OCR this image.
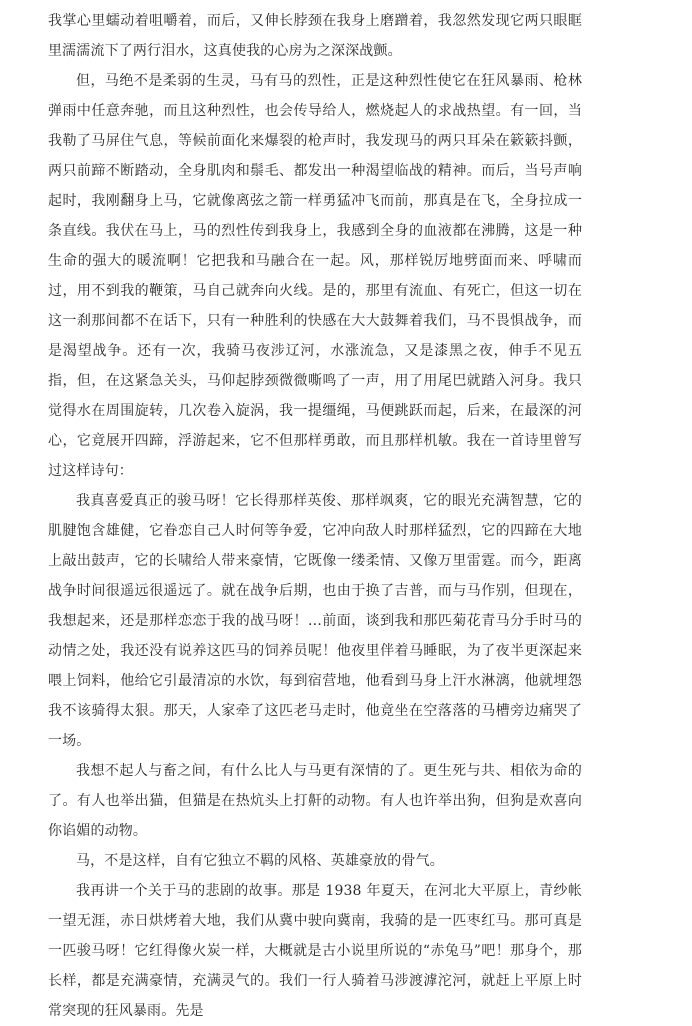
我掌心里蠕动着咀嚼着，而后，又伸长脖颈在我身上磨蹭着，我忽然发现它两只眼眶里濡濡流下了两行泪水，这真使我的心房为之深深战颤。

但，马绝不是柔弱的生灵，马有马的烈性，正是这种烈性使它在狂风暴雨、枪林弹雨中任意奔驰，而且这种烈性，也会传导给人，燃烧起人的求战热望。有一回，当我勒了马屏住气息，等候前面化来爆裂的枪声时，我发现马的两只耳朵在簌簌抖颤，两只前蹄不断踏动，全身肌肉和鬃毛、都发出一种渴望临战的精神。而后，当号声响起时，我刚翻身上马，它就像离弦之箭一样勇猛冲飞而前，那真是在飞，全身拉成一条直线。我伏在马上，马的烈性传到我身上，我感到全身的血液都在沸腾，这是一种生命的强大的暖流啊！它把我和马融合在一起。风，那样锐厉地劈面而来、呼啸而过，用不到我的鞭策，马自己就奔向火线。是的，那里有流血、有死亡，但这一切在这一刹那间都不在话下，只有一种胜利的快感在大大鼓舞着我们，马不畏惧战争，而是渴望战争。还有一次，我骑马夜涉辽河，水涨流急，又是漆黑之夜，伸手不见五指，但，在这紧急关头，马仰起脖颈微微嘶鸣了一声，用了用尾巴就踏入河身。我只觉得水在周围旋转，几次卷入旋涡，我一提缰绳，马便跳跃而起，后来，在最深的河心，它竟展开四蹄，浮游起来，它不但那样勇敢，而且那样机敏。我在一首诗里曾写过这样诗句：

我真喜爱真正的骏马呀！它长得那样英俊、那样飒爽，它的眼光充满智慧，它的肌腱饱含雄健，它眷恋自己人时何等争爱，它冲向敌人时那样猛烈，它的四蹄在大地上敲出鼓声，它的长啸给人带来豪情，它既像一缕柔情、又像万里雷霆。而今，距离战争时间很遥远很遥远了。就在战争后期，也由于换了吉普，而与马作别，但现在，我想起来，还是那样恋恋于我的战马呀！…前面，谈到我和那匹菊花青马分手时马的动情之处，我还没有说养这匹马的饲养员呢！他夜里伴着马睡眠，为了夜半更深起来喂上饲料，他给它引最清凉的水饮，每到宿营地，他看到马身上汗水淋漓，他就埋怨我不该骑得太狠。那天，人家牵了这匹老马走时，他竟坐在空落落的马槽旁边痛哭了一场。

我想不起人与畜之间，有什么比人与马更有深情的了。更生死与共、相依为命的了。有人也举出猫，但猫是在热炕头上打鼾的动物。有人也许举出狗，但狗是欢喜向你谄媚的动物。

马，不是这样，自有它独立不羁的风格、英雄豪放的骨气。

我再讲一个关于马的悲剧的故事。那是 1938 年夏天，在河北大平原上，青纱帐一望无涯，赤日烘烤着大地，我们从冀中驶向冀南，我骑的是一匹枣红马。那可真是一匹骏马呀！它红得像火炭一样，大概就是古小说里所说的“赤兔马”吧！那身个，那长样，都是充满豪情，充满灵气的。我们一行人骑着马涉渡滹沱河，就赶上平原上时常突现的狂风暴雨。先是
